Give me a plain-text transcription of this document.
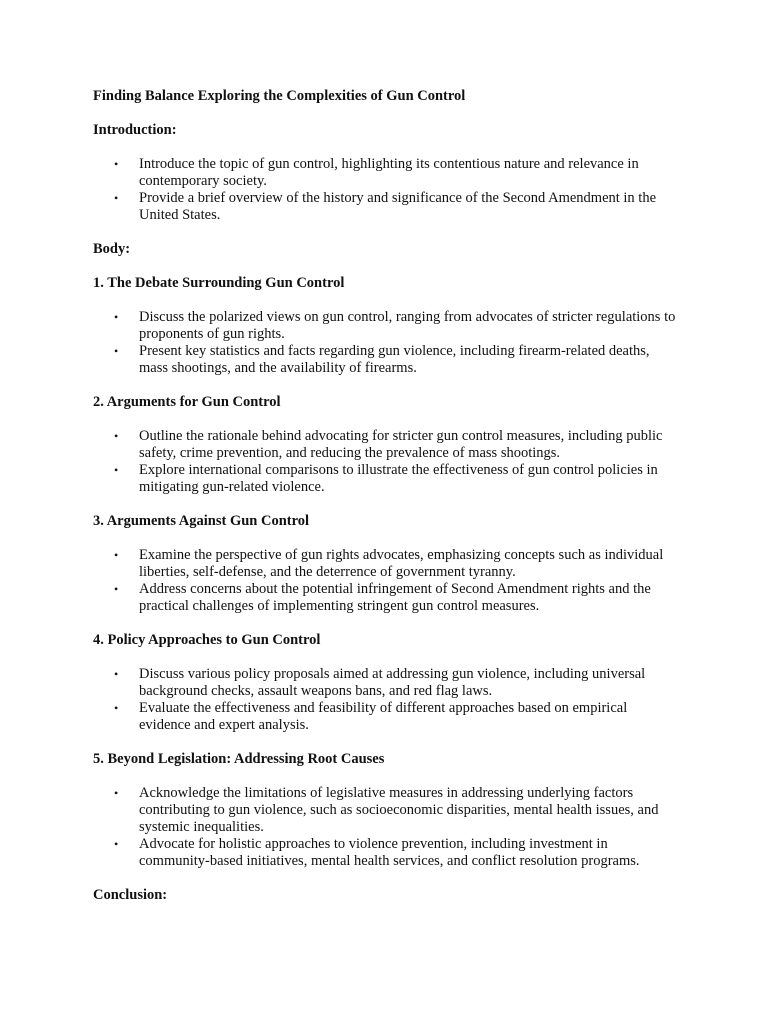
Finding Balance Exploring the Complexities of Gun Control
Introduction:
• Introduce the topic of gun control, highlighting its contentious nature and relevance in contemporary society.
• Provide a brief overview of the history and significance of the Second Amendment in the United States.
Body:
1. The Debate Surrounding Gun Control
• Discuss the polarized views on gun control, ranging from advocates of stricter regulations to proponents of gun rights.
• Present key statistics and facts regarding gun violence, including firearm-related deaths, mass shootings, and the availability of firearms.
2. Arguments for Gun Control
• Outline the rationale behind advocating for stricter gun control measures, including public safety, crime prevention, and reducing the prevalence of mass shootings.
• Explore international comparisons to illustrate the effectiveness of gun control policies in mitigating gun-related violence.
3. Arguments Against Gun Control
• Examine the perspective of gun rights advocates, emphasizing concepts such as individual liberties, self-defense, and the deterrence of government tyranny.
• Address concerns about the potential infringement of Second Amendment rights and the practical challenges of implementing stringent gun control measures.
4. Policy Approaches to Gun Control
• Discuss various policy proposals aimed at addressing gun violence, including universal background checks, assault weapons bans, and red flag laws.
• Evaluate the effectiveness and feasibility of different approaches based on empirical evidence and expert analysis.
5. Beyond Legislation: Addressing Root Causes
• Acknowledge the limitations of legislative measures in addressing underlying factors contributing to gun violence, such as socioeconomic disparities, mental health issues, and systemic inequalities.
• Advocate for holistic approaches to violence prevention, including investment in community-based initiatives, mental health services, and conflict resolution programs.
Conclusion:
